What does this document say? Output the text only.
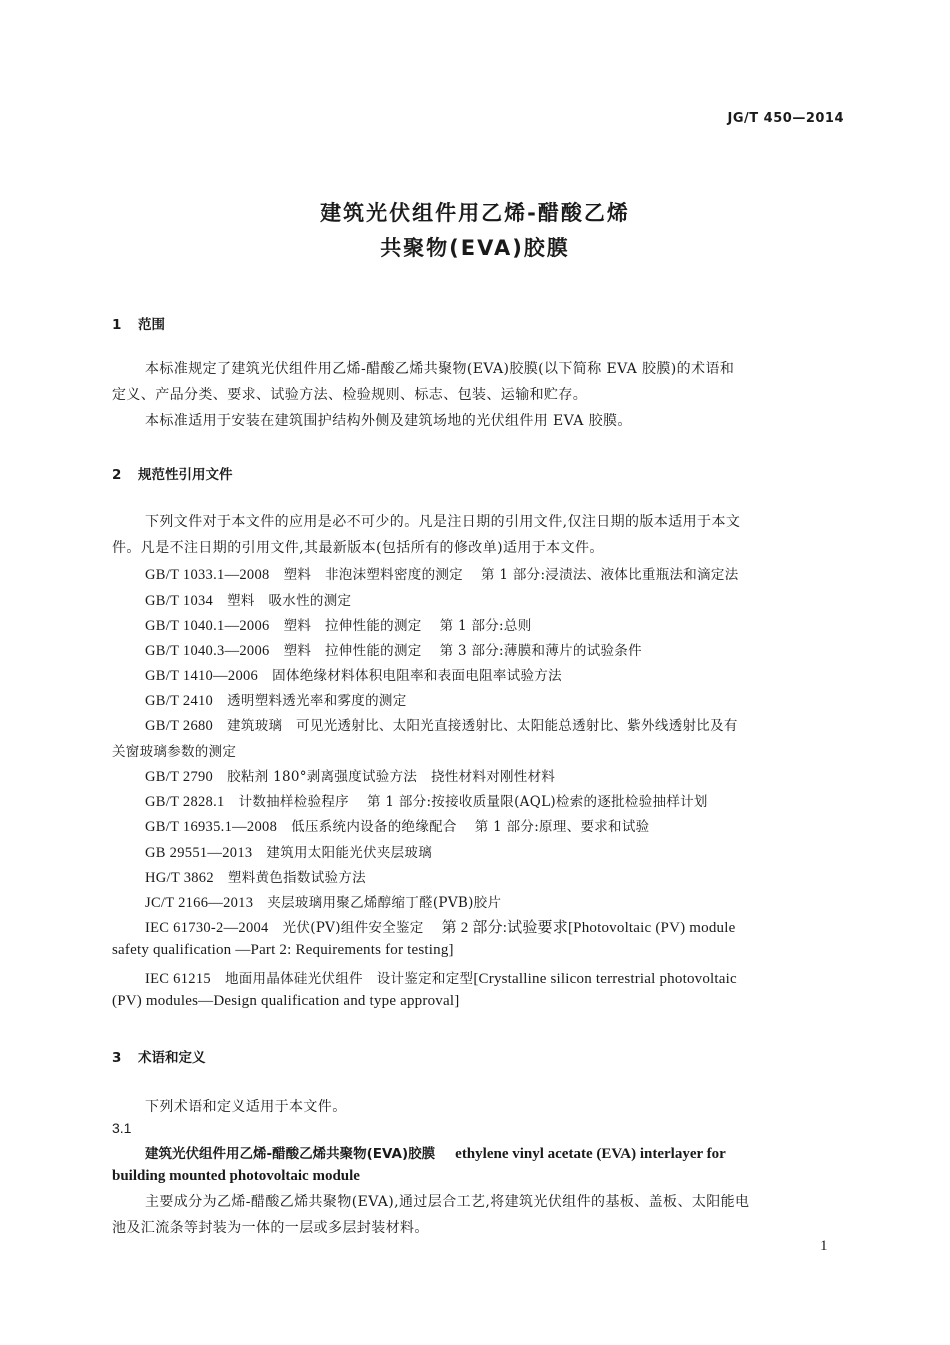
JG/T 450—2014
建筑光伏组件用乙烯-醋酸乙烯
共聚物(EVA)胶膜
1 范围
本标准规定了建筑光伏组件用乙烯-醋酸乙烯共聚物(EVA)胶膜(以下简称 EVA 胶膜)的术语和
定义、产品分类、要求、试验方法、检验规则、标志、包装、运输和贮存。
本标准适用于安装在建筑围护结构外侧及建筑场地的光伏组件用 EVA 胶膜。
2 规范性引用文件
下列文件对于本文件的应用是必不可少的。凡是注日期的引用文件,仅注日期的版本适用于本文
件。凡是不注日期的引用文件,其最新版本(包括所有的修改单)适用于本文件。
GB/T 1033.1—2008 塑料　非泡沫塑料密度的测定 第 1 部分:浸渍法、液体比重瓶法和滴定法
GB/T 1034 塑料　吸水性的测定
GB/T 1040.1—2006 塑料　拉伸性能的测定 第 1 部分:总则
GB/T 1040.3—2006 塑料　拉伸性能的测定 第 3 部分:薄膜和薄片的试验条件
GB/T 1410—2006 固体绝缘材料体积电阻率和表面电阻率试验方法
GB/T 2410 透明塑料透光率和雾度的测定
GB/T 2680 建筑玻璃　可见光透射比、太阳光直接透射比、太阳能总透射比、紫外线透射比及有
关窗玻璃参数的测定
GB/T 2790 胶粘剂 180°剥离强度试验方法　挠性材料对刚性材料
GB/T 2828.1 计数抽样检验程序 第 1 部分:按接收质量限(AQL)检索的逐批检验抽样计划
GB/T 16935.1—2008 低压系统内设备的绝缘配合 第 1 部分:原理、要求和试验
GB 29551—2013 建筑用太阳能光伏夹层玻璃
HG/T 3862 塑料黄色指数试验方法
JC/T 2166—2013 夹层玻璃用聚乙烯醇缩丁醛(PVB)胶片
IEC 61730-2—2004 光伏(PV)组件安全鉴定 第 2 部分:试验要求[Photovoltaic (PV) module
safety qualification —Part 2: Requirements for testing]
IEC 61215 地面用晶体硅光伏组件　设计鉴定和定型[Crystalline silicon terrestrial photovoltaic
(PV) modules—Design qualification and type approval]
3 术语和定义
下列术语和定义适用于本文件。
3.1
建筑光伏组件用乙烯-醋酸乙烯共聚物(EVA)胶膜 ethylene vinyl acetate (EVA) interlayer for
building mounted photovoltaic module
主要成分为乙烯-醋酸乙烯共聚物(EVA),通过层合工艺,将建筑光伏组件的基板、盖板、太阳能电
池及汇流条等封装为一体的一层或多层封装材料。
1
